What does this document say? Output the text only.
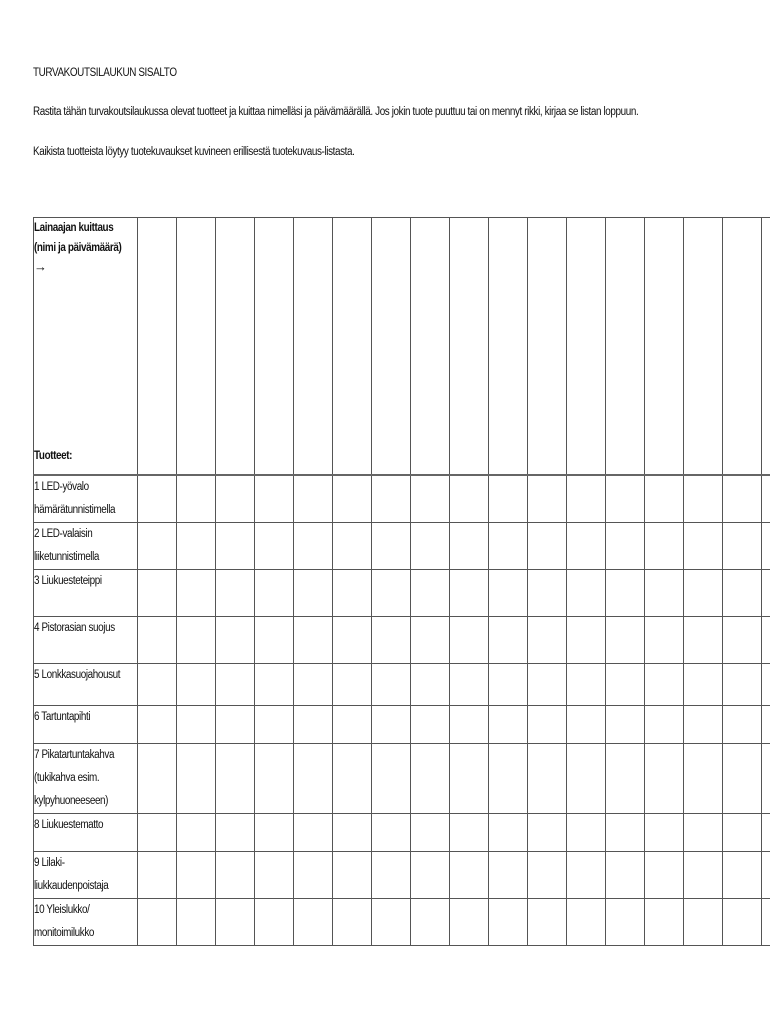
TURVAKOUTSILAUKUN SISÄLTÖ
Rastita tähän turvakoutsilaukussa olevat tuotteet ja kuittaa nimelläsi ja päivämäärällä. Jos jokin tuote puuttuu tai on mennyt rikki, kirjaa se listan loppuun.
Kaikista tuotteista löytyy tuotekuvaukset kuvineen erillisestä tuotekuvaus-listasta.
Lainaajan kuittaus
(nimi ja päivämäärä)
→
Tuotteet:																	

1 LED-yövalo
hämärätunnistimella																	

2 LED-valaisin
liiketunnistimella																	

3 Liukuesteteippi																	

4 Pistorasian suojus																	

5 Lonkkasuojahousut																	

6 Tartuntapihti																	

7 Pikatartuntakahva
(tukikahva esim.
kylpyhuoneeseen)																	

8 Liukuestematto																	

9 Lilaki-
liukkaudenpoistaja																	

10 Yleislukko/
monitoimilukko																	
